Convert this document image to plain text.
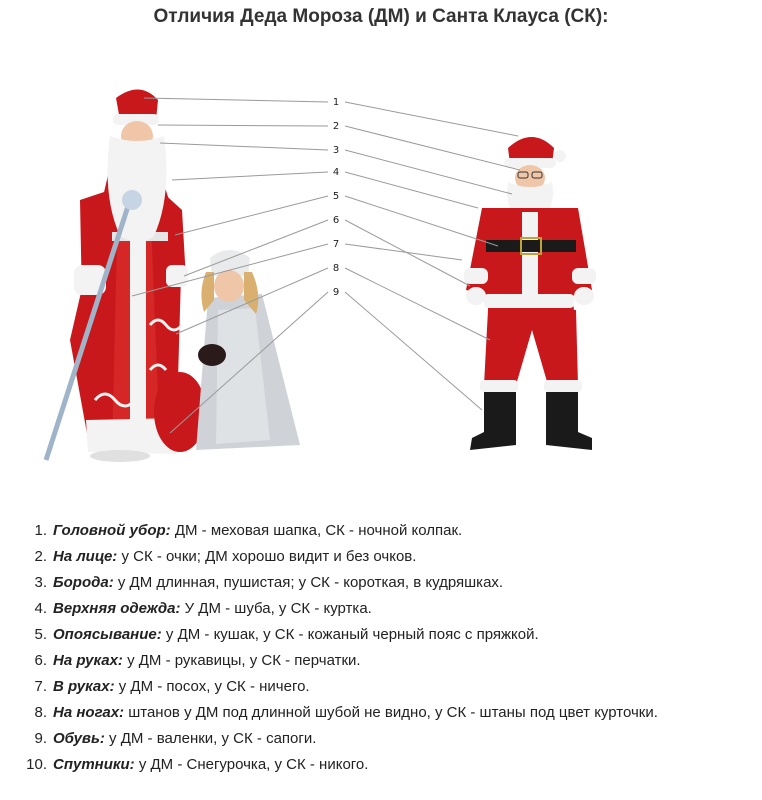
Отличия Деда Мороза (ДМ) и Санта Клауса (СК):
1
2
3
4
5
6
7
8
9
1. Головной убор: ДМ - меховая шапка, СК - ночной колпак.
2. На лице: у СК - очки; ДМ хорошо видит и без очков.
3. Борода: у ДМ длинная, пушистая; у СК - короткая, в кудряшках.
4. Верхняя одежда: У ДМ - шуба, у СК - куртка.
5. Опоясывание: у ДМ - кушак, у СК - кожаный черный пояс с пряжкой.
6. На руках: у ДМ - рукавицы, у СК - перчатки.
7. В руках: у ДМ - посох, у СК - ничего.
8. На ногах: штанов у ДМ под длинной шубой не видно, у СК - штаны под цвет курточки.
9. Обувь: у ДМ - валенки, у СК - сапоги.
10. Спутники: у ДМ - Снегурочка, у СК - никого.
